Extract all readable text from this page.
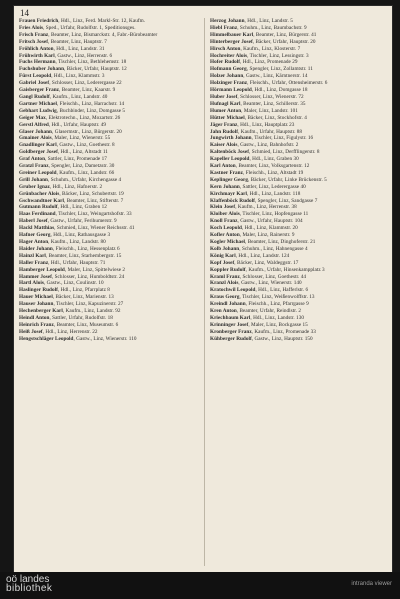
14
Frauen Friedrich, Hdl., Linz, Ferd. Markl-Str. 12, Kaufm.
Fries Alois, Sped., Urfahr, Rudolfstr. 1, Speditionsges.
Frisch Franz, Beamter, Linz, Bismarckstr. 4, Fabr.-Bürobeamter
Fritsch Josef, Beamter, Linz, Hauptstr. 7
Fröhlich Anton, Hdl., Linz, Landstr. 31
Frühwirth Karl, Gastw., Linz, Herrenstr. 6
Fuchs Hermann, Tischler, Linz, Bethlehemstr. 18
Fuchshuber Johann, Bäcker, Urfahr, Hauptstr. 12
Fürst Leopold, Hdl., Linz, Klammstr. 3
Gabriel Josef, Schlosser, Linz, Lederergasse 22
Gaisberger Franz, Beamter, Linz, Kaarstr. 9
Gangl Rudolf, Kaufm., Linz, Landstr. 40
Gartner Michael, Fleischh., Linz, Harrachstr. 14
Gebhart Ludwig, Buchbinder, Linz, Domgasse 5
Geiger Max, Elektrotechn., Linz, Mozartstr. 26
Gerstl Alfred, Hdl., Urfahr, Hauptstr. 49
Glaser Johann, Glasermstr., Linz, Bürgerstr. 20
Gmainer Alois, Maler, Linz, Wienerstr. 55
Gnadlinger Karl, Gastw., Linz, Goethestr. 8
Goldberger Josef, Hdl., Linz, Altstadt 11
Graf Anton, Sattler, Linz, Promenade 17
Gratzl Franz, Spengler, Linz, Dametzstr. 30
Greiner Leopold, Kaufm., Linz, Landstr. 66
Grill Johann, Schuhm., Urfahr, Kirchengasse 4
Gruber Ignaz, Hdl., Linz, Hafnerstr. 2
Grünbacher Alois, Bäcker, Linz, Schubertstr. 19
Gschwandtner Karl, Beamter, Linz, Stifterstr. 7
Gutmann Rudolf, Hdl., Linz, Graben 12
Haas Ferdinand, Tischler, Linz, Weingartshofstr. 33
Haberl Josef, Gastw., Urfahr, Ferihumerstr. 9
Hackl Matthias, Schmied, Linz, Wiener Reichsstr. 41
Hafner Georg, Hdl., Linz, Rathausgasse 3
Hager Anton, Kaufm., Linz, Landstr. 80
Haider Johann, Fleischh., Linz, Hessenplatz 6
Hainzl Karl, Beamter, Linz, Starhembergstr. 15
Haller Franz, Hdl., Urfahr, Hauptstr. 71
Hamberger Leopold, Maler, Linz, Spittelwiese 2
Hammer Josef, Schlosser, Linz, Humboldtstr. 24
Hartl Alois, Gastw., Linz, Coulinstr. 10
Haslinger Rudolf, Hdl., Linz, Pfarrplatz 8
Hauer Michael, Bäcker, Linz, Marienstr. 13
Hauser Johann, Tischler, Linz, Kapuzinerstr. 27
Hechenberger Karl, Kaufm., Linz, Landstr. 92
Heindl Anton, Sattler, Urfahr, Rudolfstr. 18
Heinrich Franz, Beamter, Linz, Museumstr. 6
Heiß Josef, Hdl., Linz, Herrenstr. 22
Hengstschläger Leopold, Gastw., Linz, Wienerstr. 110
Herzog Johann, Hdl., Linz, Landstr. 5
Hiebl Franz, Schuhm., Linz, Baumbachstr. 9
Himmelbauer Karl, Beamter, Linz, Bürgerstr. 41
Hinterberger Josef, Bäcker, Urfahr, Hauptstr. 20
Hirsch Anton, Kaufm., Linz, Klosterstr. 7
Hochreiter Alois, Tischler, Linz, Lessingstr. 3
Hofer Rudolf, Hdl., Linz, Promenade 29
Hofmann Georg, Spengler, Linz, Zollamtstr. 11
Holzer Johann, Gastw., Linz, Kärntnerstr. 14
Holzinger Franz, Fleischh., Urfahr, Ottensheimerstr. 6
Hörmann Leopold, Hdl., Linz, Domgasse 18
Huber Josef, Schlosser, Linz, Wienerstr. 72
Hufnagl Karl, Beamter, Linz, Schillerstr. 35
Humer Anton, Maler, Linz, Landstr. 101
Hütter Michael, Bäcker, Linz, Stockhofstr. 4
Jäger Franz, Hdl., Linz, Hauptplatz 23
Jahn Rudolf, Kaufm., Urfahr, Hauptstr. 88
Jungwirth Johann, Tischler, Linz, Figulystr. 16
Kaiser Alois, Gastw., Linz, Bahnhofstr. 2
Kaltenböck Josef, Schmied, Linz, Derfflingerstr. 8
Kapeller Leopold, Hdl., Linz, Graben 30
Karl Anton, Beamter, Linz, Volksgartenstr. 12
Kastner Franz, Fleischh., Linz, Altstadt 19
Keplinger Georg, Bäcker, Urfahr, Linke Brückenstr. 5
Kern Johann, Sattler, Linz, Lederergasse 40
Kirchmayr Karl, Hdl., Linz, Landstr. 118
Klaffenböck Rudolf, Spengler, Linz, Sandgasse 7
Klein Josef, Kaufm., Linz, Herrenstr. 38
Kloiber Alois, Tischler, Linz, Hopfengasse 11
Knoll Franz, Gastw., Urfahr, Hauptstr. 104
Koch Leopold, Hdl., Linz, Klammstr. 20
Kofler Anton, Maler, Linz, Rainerstr. 9
Kogler Michael, Beamter, Linz, Dinghoferstr. 21
Kolb Johann, Schuhm., Linz, Hahnengasse 4
König Karl, Hdl., Linz, Landstr. 124
Kopf Josef, Bäcker, Linz, Waldeggstr. 17
Koppler Rudolf, Kaufm., Urfahr, Hinsenkampplatz 3
Kraml Franz, Schlosser, Linz, Goethestr. 44
Kranzl Alois, Gastw., Linz, Wienerstr. 140
Kratochwil Leopold, Hdl., Linz, Hafferlstr. 6
Kraus Georg, Tischler, Linz, Weißenwolffstr. 13
Kreindl Johann, Fleischh., Linz, Pfarrgasse 9
Kren Anton, Beamter, Urfahr, Reindlstr. 2
Kriechbaum Karl, Hdl., Linz, Landstr. 130
Krinninger Josef, Maler, Linz, Bockgasse 15
Kronberger Franz, Kaufm., Linz, Promenade 33
Kühberger Rudolf, Gastw., Linz, Hauptstr. 150
oö landes
bibliothek	intranda viewer
